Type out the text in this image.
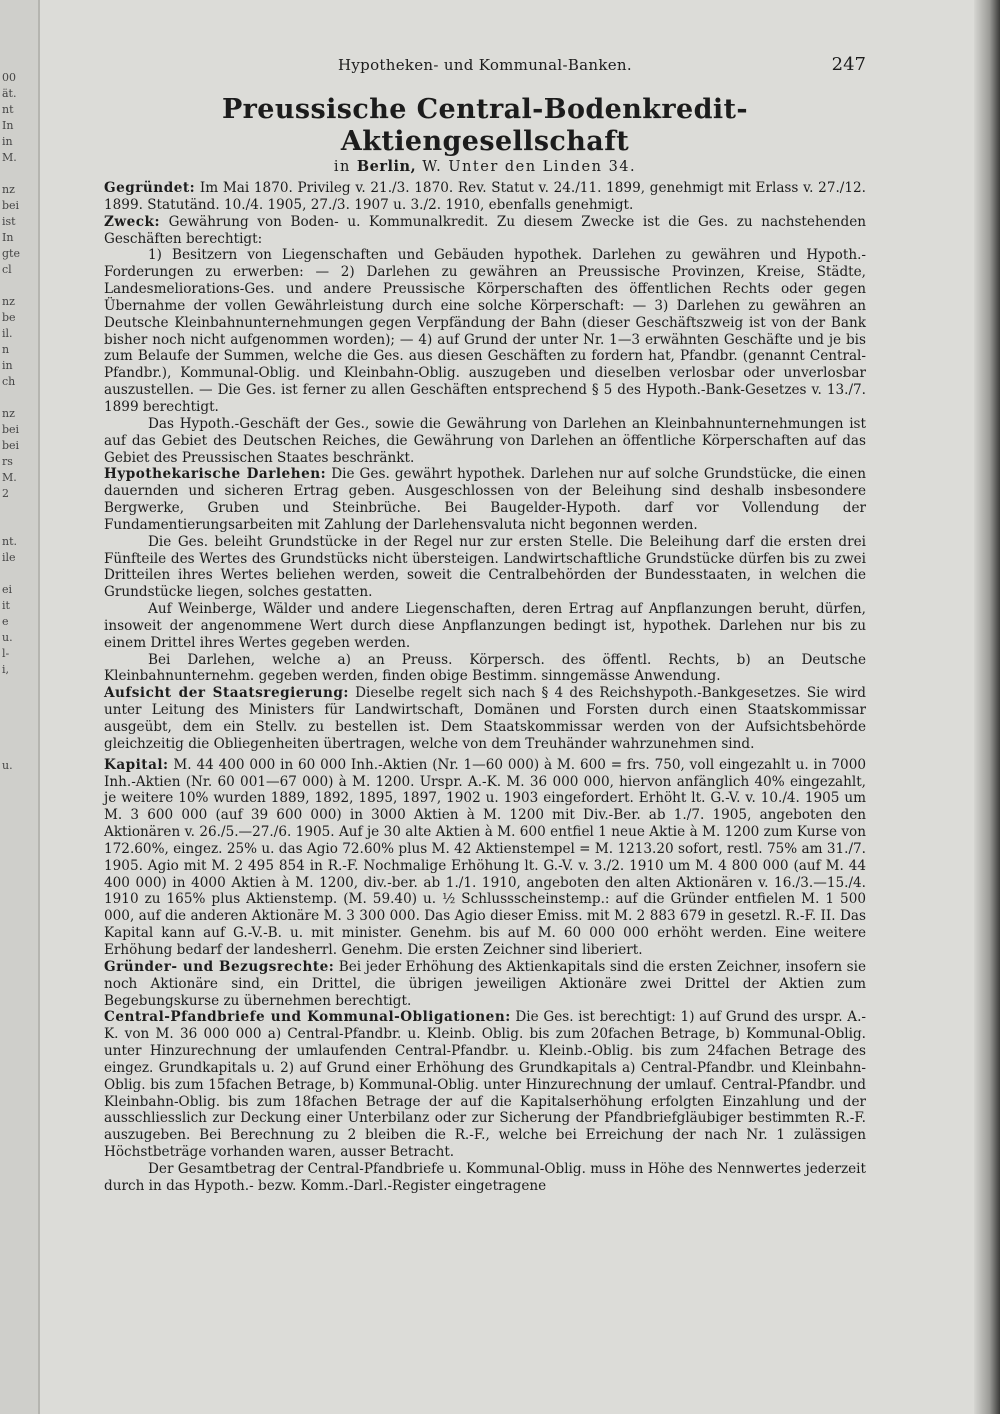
00
ät.
nt
In
in
M.

nz
bei
ist
In
gte
cl

nz
be
il.
n
in
ch

nz
bei
bei
rs
M.
2

nt.
ile

ei
it
e
u.
l-
i,

u.

Hypotheken- und Kommunal-Banken.	247
Preussische Central-Bodenkredit-Aktiengesellschaft
in Berlin, W. Unter den Linden 34.

Gegründet: Im Mai 1870. Privileg v. 21./3. 1870. Rev. Statut v. 24./11. 1899, genehmigt mit Erlass v. 27./12. 1899. Statutänd. 10./4. 1905, 27./3. 1907 u. 3./2. 1910, ebenfalls genehmigt.

Zweck: Gewährung von Boden- u. Kommunalkredit. Zu diesem Zwecke ist die Ges. zu nachstehenden Geschäften berechtigt:

1) Besitzern von Liegenschaften und Gebäuden hypothek. Darlehen zu gewähren und Hypoth.-Forderungen zu erwerben: — 2) Darlehen zu gewähren an Preussische Provinzen, Kreise, Städte, Landesmeliorations-Ges. und andere Preussische Körperschaften des öffentlichen Rechts oder gegen Übernahme der vollen Gewährleistung durch eine solche Körperschaft: — 3) Darlehen zu gewähren an Deutsche Kleinbahnunternehmungen gegen Verpfändung der Bahn (dieser Geschäftszweig ist von der Bank bisher noch nicht aufgenommen worden); — 4) auf Grund der unter Nr. 1—3 erwähnten Geschäfte und je bis zum Belaufe der Summen, welche die Ges. aus diesen Geschäften zu fordern hat, Pfandbr. (genannt Central-Pfandbr.), Kommunal-Oblig. und Kleinbahn-Oblig. auszugeben und dieselben verlosbar oder unverlosbar auszustellen. — Die Ges. ist ferner zu allen Geschäften entsprechend § 5 des Hypoth.-Bank-Gesetzes v. 13./7. 1899 berechtigt.

Das Hypoth.-Geschäft der Ges., sowie die Gewährung von Darlehen an Kleinbahnunternehmungen ist auf das Gebiet des Deutschen Reiches, die Gewährung von Darlehen an öffentliche Körperschaften auf das Gebiet des Preussischen Staates beschränkt.

Hypothekarische Darlehen: Die Ges. gewährt hypothek. Darlehen nur auf solche Grundstücke, die einen dauernden und sicheren Ertrag geben. Ausgeschlossen von der Beleihung sind deshalb insbesondere Bergwerke, Gruben und Steinbrüche. Bei Baugelder-Hypoth. darf vor Vollendung der Fundamentierungsarbeiten mit Zahlung der Darlehensvaluta nicht begonnen werden.

Die Ges. beleiht Grundstücke in der Regel nur zur ersten Stelle. Die Beleihung darf die ersten drei Fünfteile des Wertes des Grundstücks nicht übersteigen. Landwirtschaftliche Grundstücke dürfen bis zu zwei Dritteilen ihres Wertes beliehen werden, soweit die Centralbehörden der Bundesstaaten, in welchen die Grundstücke liegen, solches gestatten.

Auf Weinberge, Wälder und andere Liegenschaften, deren Ertrag auf Anpflanzungen beruht, dürfen, insoweit der angenommene Wert durch diese Anpflanzungen bedingt ist, hypothek. Darlehen nur bis zu einem Drittel ihres Wertes gegeben werden.

Bei Darlehen, welche a) an Preuss. Körpersch. des öffentl. Rechts, b) an Deutsche Kleinbahnunternehm. gegeben werden, finden obige Bestimm. sinngemässe Anwendung.

Aufsicht der Staatsregierung: Dieselbe regelt sich nach § 4 des Reichshypoth.-Bankgesetzes. Sie wird unter Leitung des Ministers für Landwirtschaft, Domänen und Forsten durch einen Staatskommissar ausgeübt, dem ein Stellv. zu bestellen ist. Dem Staatskommissar werden von der Aufsichtsbehörde gleichzeitig die Obliegenheiten übertragen, welche von dem Treuhänder wahrzunehmen sind.

Kapital: M. 44 400 000 in 60 000 Inh.-Aktien (Nr. 1—60 000) à M. 600 = frs. 750, voll eingezahlt u. in 7000 Inh.-Aktien (Nr. 60 001—67 000) à M. 1200. Urspr. A.-K. M. 36 000 000, hiervon anfänglich 40% eingezahlt, je weitere 10% wurden 1889, 1892, 1895, 1897, 1902 u. 1903 eingefordert. Erhöht lt. G.-V. v. 10./4. 1905 um M. 3 600 000 (auf 39 600 000) in 3000 Aktien à M. 1200 mit Div.-Ber. ab 1./7. 1905, angeboten den Aktionären v. 26./5.—27./6. 1905. Auf je 30 alte Aktien à M. 600 entfiel 1 neue Aktie à M. 1200 zum Kurse von 172.60%, eingez. 25% u. das Agio 72.60% plus M. 42 Aktienstempel = M. 1213.20 sofort, restl. 75% am 31./7. 1905. Agio mit M. 2 495 854 in R.-F. Nochmalige Erhöhung lt. G.-V. v. 3./2. 1910 um M. 4 800 000 (auf M. 44 400 000) in 4000 Aktien à M. 1200, div.-ber. ab 1./1. 1910, angeboten den alten Aktionären v. 16./3.—15./4. 1910 zu 165% plus Aktienstemp. (M. 59.40) u. ½ Schlussscheinstemp.: auf die Gründer entfielen M. 1 500 000, auf die anderen Aktionäre M. 3 300 000. Das Agio dieser Emiss. mit M. 2 883 679 in gesetzl. R.-F. II. Das Kapital kann auf G.-V.-B. u. mit minister. Genehm. bis auf M. 60 000 000 erhöht werden. Eine weitere Erhöhung bedarf der landesherrl. Genehm. Die ersten Zeichner sind liberiert.

Gründer- und Bezugsrechte: Bei jeder Erhöhung des Aktienkapitals sind die ersten Zeichner, insofern sie noch Aktionäre sind, ein Drittel, die übrigen jeweiligen Aktionäre zwei Drittel der Aktien zum Begebungskurse zu übernehmen berechtigt.

Central-Pfandbriefe und Kommunal-Obligationen: Die Ges. ist berechtigt: 1) auf Grund des urspr. A.-K. von M. 36 000 000 a) Central-Pfandbr. u. Kleinb. Oblig. bis zum 20fachen Betrage, b) Kommunal-Oblig. unter Hinzurechnung der umlaufenden Central-Pfandbr. u. Kleinb.-Oblig. bis zum 24fachen Betrage des eingez. Grundkapitals u. 2) auf Grund einer Erhöhung des Grundkapitals a) Central-Pfandbr. und Kleinbahn-Oblig. bis zum 15fachen Betrage, b) Kommunal-Oblig. unter Hinzurechnung der umlauf. Central-Pfandbr. und Kleinbahn-Oblig. bis zum 18fachen Betrage der auf die Kapitalserhöhung erfolgten Einzahlung und der ausschliesslich zur Deckung einer Unterbilanz oder zur Sicherung der Pfandbriefgläubiger bestimmten R.-F. auszugeben. Bei Berechnung zu 2 bleiben die R.-F., welche bei Erreichung der nach Nr. 1 zulässigen Höchstbeträge vorhanden waren, ausser Betracht.

Der Gesamtbetrag der Central-Pfandbriefe u. Kommunal-Oblig. muss in Höhe des Nennwertes jederzeit durch in das Hypoth.- bezw. Komm.-Darl.-Register eingetragene
